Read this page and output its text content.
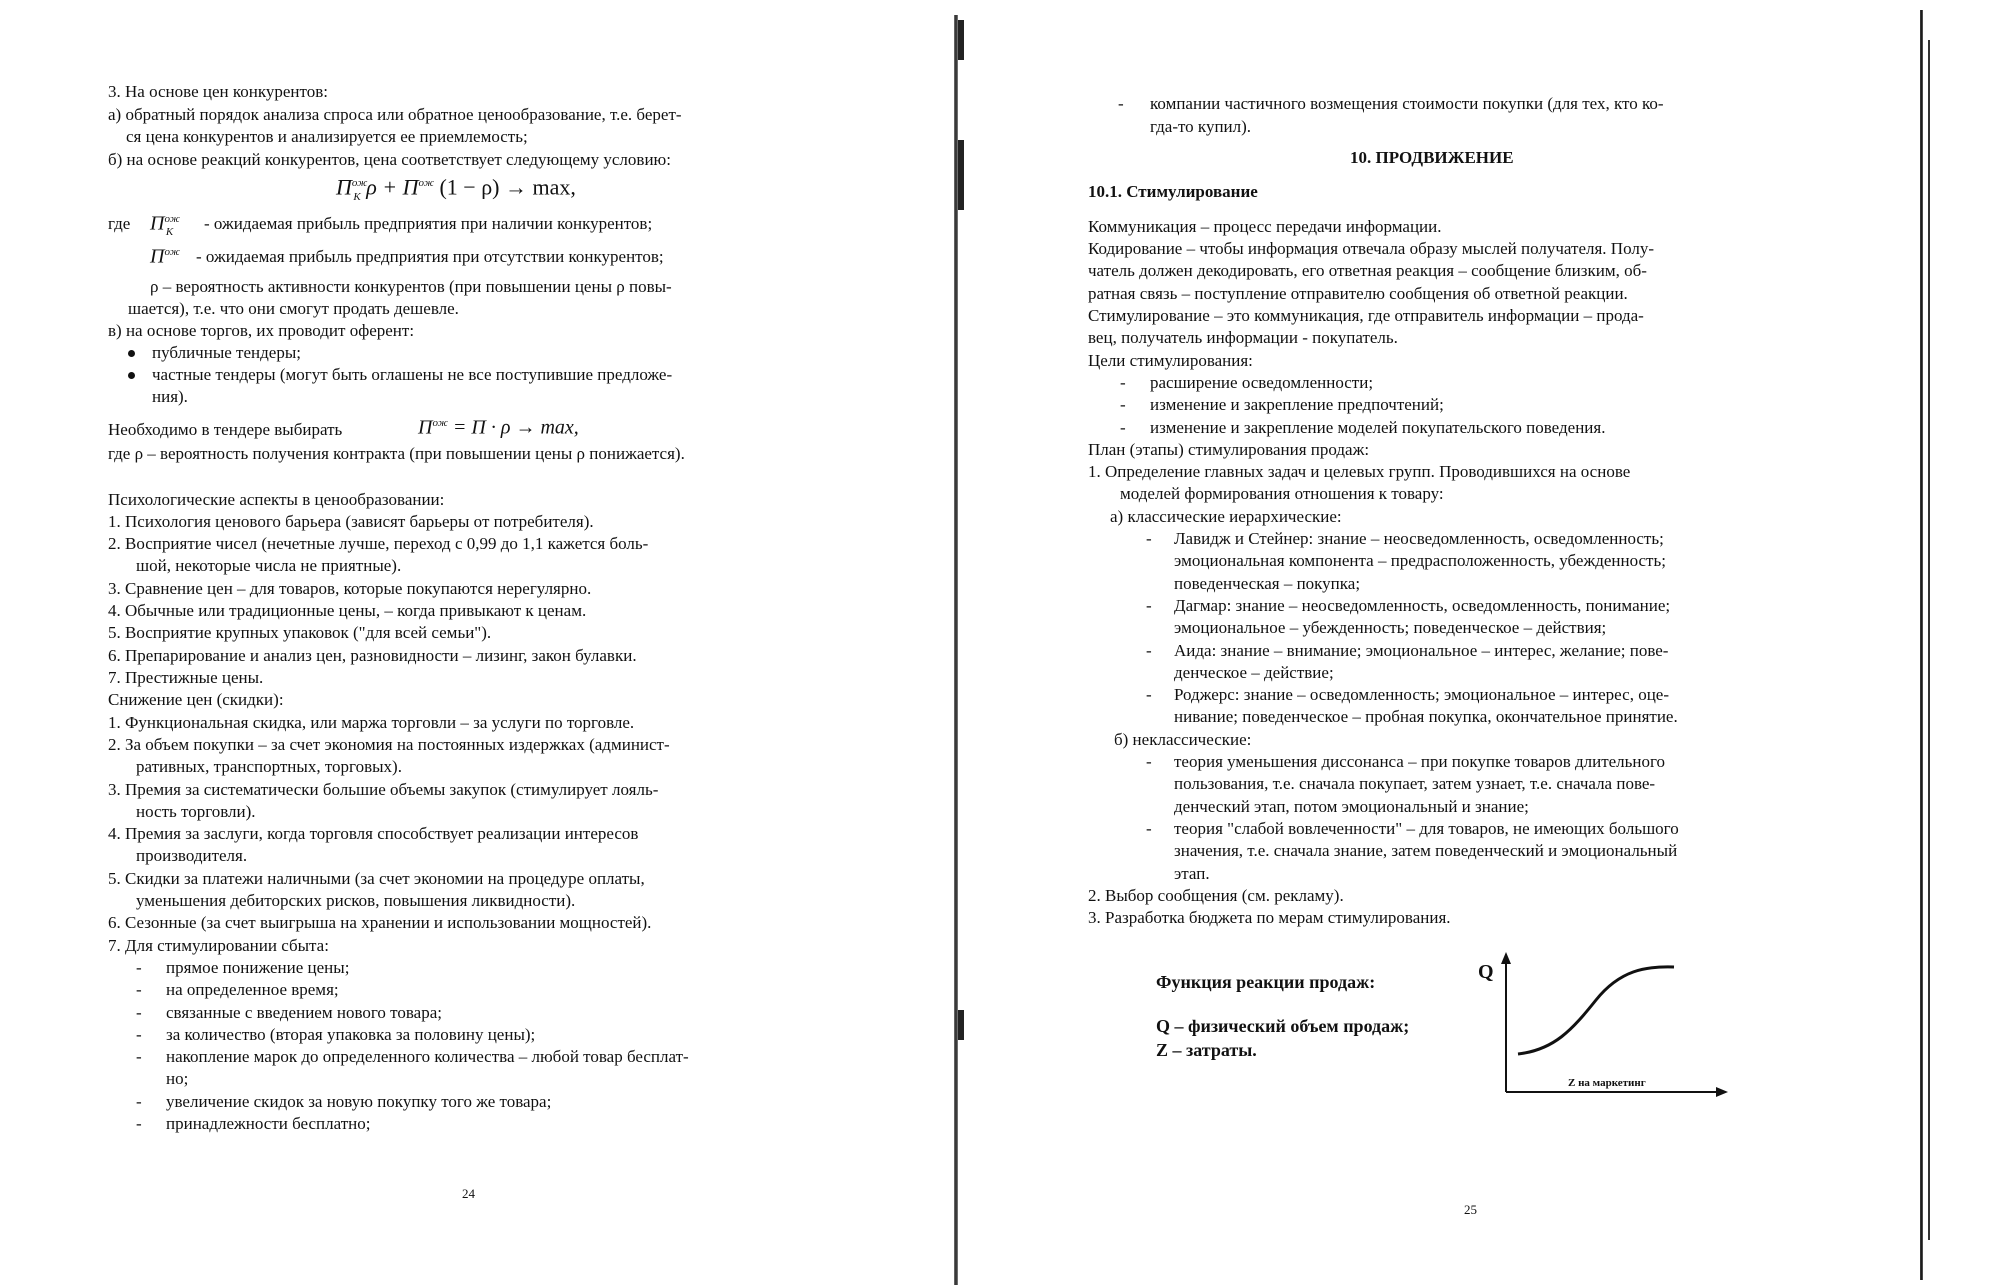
3. На основе цен конкурентов:
а) обратный порядок анализа спроса или обратное ценообразование, т.е. берет-
ся цена конкурентов и анализируется ее приемлемость;
б) на основе реакций конкурентов, цена соответствует следующему условию:
$\Pi^{ож}_K$ $\rho + \Pi^{ож}$ (1 − ρ) → max,
где $\Pi^{ож}_K$ - ожидаемая прибыль предприятия при наличии конкурентов;
$\Pi^{ож}$ - ожидаемая прибыль предприятия при отсутствии конкурентов;
ρ – вероятность активности конкурентов (при повышении цены ρ повы-
шается), т.е. что они смогут продать дешевле.
в) на основе торгов, их проводит оферент:
публичные тендеры;
частные тендеры (могут быть оглашены не все поступившие предложе-
ния).
Необходимо в тендере выбирать	$\Pi^{ож} = \Pi \cdot \rho \to \max$,
где ρ – вероятность получения контракта (при повышении цены ρ понижается).
Психологические аспекты в ценообразовании:
1. Психология ценового барьера (зависят барьеры от потребителя).
2. Восприятие чисел (нечетные лучше, переход с 0,99 до 1,1 кажется боль-
шой, некоторые числа не приятные).
3. Сравнение цен – для товаров, которые покупаются нерегулярно.
4. Обычные или традиционные цены, – когда привыкают к ценам.
5. Восприятие крупных упаковок ("для всей семьи").
6. Препарирование и анализ цен, разновидности – лизинг, закон булавки.
7. Престижные цены.
Снижение цен (скидки):
1. Функциональная скидка, или маржа торговли – за услуги по торговле.
2. За объем покупки – за счет экономия на постоянных издержках (админист-
ративных, транспортных, торговых).
3. Премия за систематически большие объемы закупок (стимулирует лояль-
ность торговли).
4. Премия за заслуги, когда торговля способствует реализации интересов
производителя.
5. Скидки за платежи наличными (за счет экономии на процедуре оплаты,
уменьшения дебиторских рисков, повышения ликвидности).
6. Сезонные (за счет выигрыша на хранении и использовании мощностей).
7. Для стимулировании сбыта:
- прямое понижение цены;
- на определенное время;
- связанные с введением нового товара;
- за количество (вторая упаковка за половину цены);
- накопление марок до определенного количества – любой товар бесплат-
но;
- увеличение скидок за новую покупку того же товара;
- принадлежности бесплатно;
24
- компании частичного возмещения стоимости покупки (для тех, кто ко-
гда-то купил).
10. ПРОДВИЖЕНИЕ
10.1. Стимулирование
Коммуникация – процесс передачи информации.
Кодирование – чтобы информация отвечала образу мыслей получателя. Полу-
чатель должен декодировать, его ответная реакция – сообщение близким, об-
ратная связь – поступление отправителю сообщения об ответной реакции.
Стимулирование – это коммуникация, где отправитель информации – прода-
вец, получатель информации - покупатель.
Цели стимулирования:
- расширение осведомленности;
- изменение и закрепление предпочтений;
- изменение и закрепление моделей покупательского поведения.
План (этапы) стимулирования продаж:
1. Определение главных задач и целевых групп. Проводившихся на основе
моделей формирования отношения к товару:
а) классические иерархические:
- Лавидж и Стейнер: знание – неосведомленность, осведомленность;
эмоциональная компонента – предрасположенность, убежденность;
поведенческая – покупка;
- Дагмар: знание – неосведомленность, осведомленность, понимание;
эмоциональное – убежденность; поведенческое – действия;
- Аида: знание – внимание; эмоциональное – интерес, желание; пове-
денческое – действие;
- Роджерс: знание – осведомленность; эмоциональное – интерес, оце-
нивание; поведенческое – пробная покупка, окончательное принятие.
б) неклассические:
- теория уменьшения диссонанса – при покупке товаров длительного
пользования, т.е. сначала покупает, затем узнает, т.е. сначала пове-
денческий этап, потом эмоциональный и знание;
- теория "слабой вовлеченности" – для товаров, не имеющих большого
значения, т.е. сначала знание, затем поведенческий и эмоциональный
этап.
2. Выбор сообщения (см. рекламу).
3. Разработка бюджета по мерам стимулирования.
Функция реакции продаж:
Q – физический объем продаж;
Z – затраты.
Q
Z на маркетинг
25
